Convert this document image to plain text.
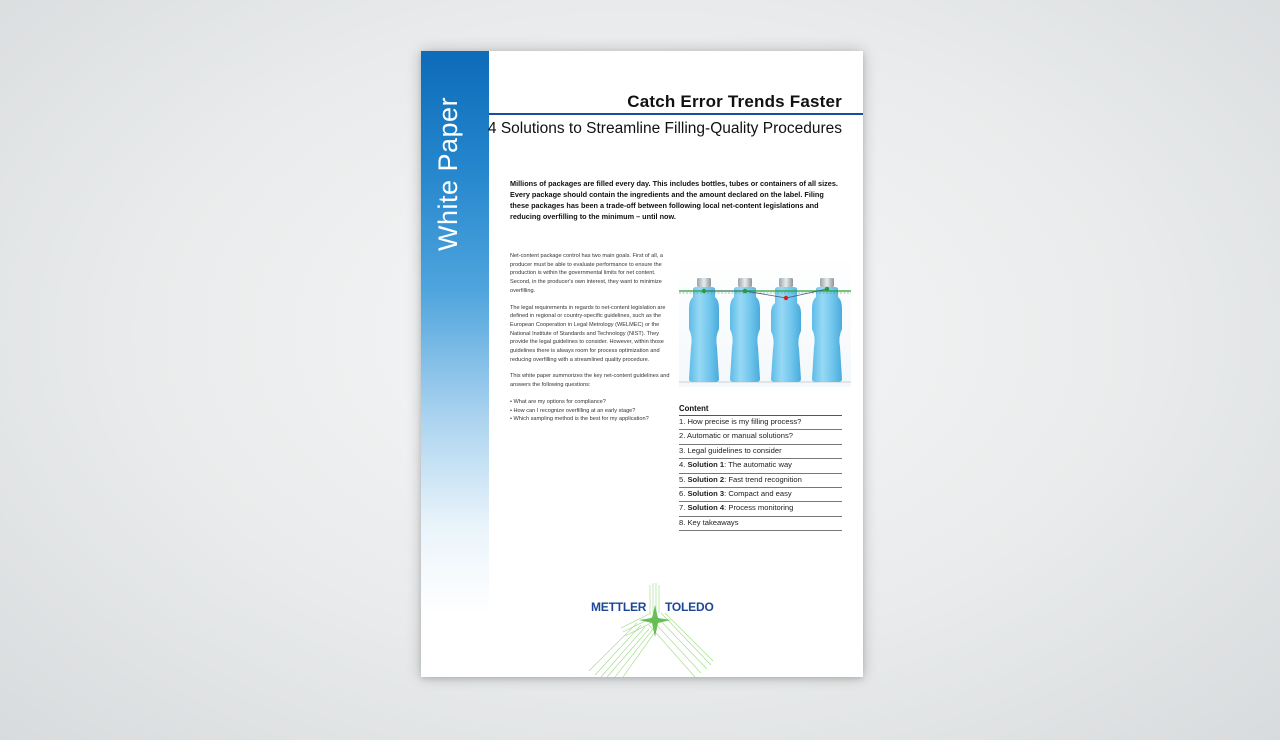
White Paper	Catch Error Trends Faster
4 Solutions to Streamline Filling-Quality Procedures
Millions of packages are filled every day. This includes bottles, tubes or containers of all sizes. Every package should contain the ingredients and the amount declared on the label. Filing these packages has been a trade-off between following local net-content legislations and reducing overfilling to the minimum – until now.

Net-content package control has two main goals. First of all, a producer must be able to evaluate performance to ensure the production is within the governmental limits for net content. Second, in the producer's own interest, they want to minimize overfilling.

The legal requirements in regards to net-content legislation are defined in regional or country-specific guidelines, such as the European Cooperation in Legal Metrology (WELMEC) or the National Institute of Standards and Technology (NIST). They provide the legal guidelines to consider. However, within those guidelines there is always room for process optimization and reducing overfilling with a streamlined quality procedure.

This white paper summorizes the key net-content guidelines and answers the following questions:

• What are my options for compliance?
• How can I recognize overfilling at an early stage?
• Which sampling method is the best for my application?
Content
1. How precise is my filling process?
2. Automatic or manual solutions?
3. Legal guidelines to consider
4. Solution 1: The automatic way
5. Solution 2: Fast trend recognition
6. Solution 3: Compact and easy
7. Solution 4: Process monitoring
8. Key takeaways
METTLER TOLEDO
